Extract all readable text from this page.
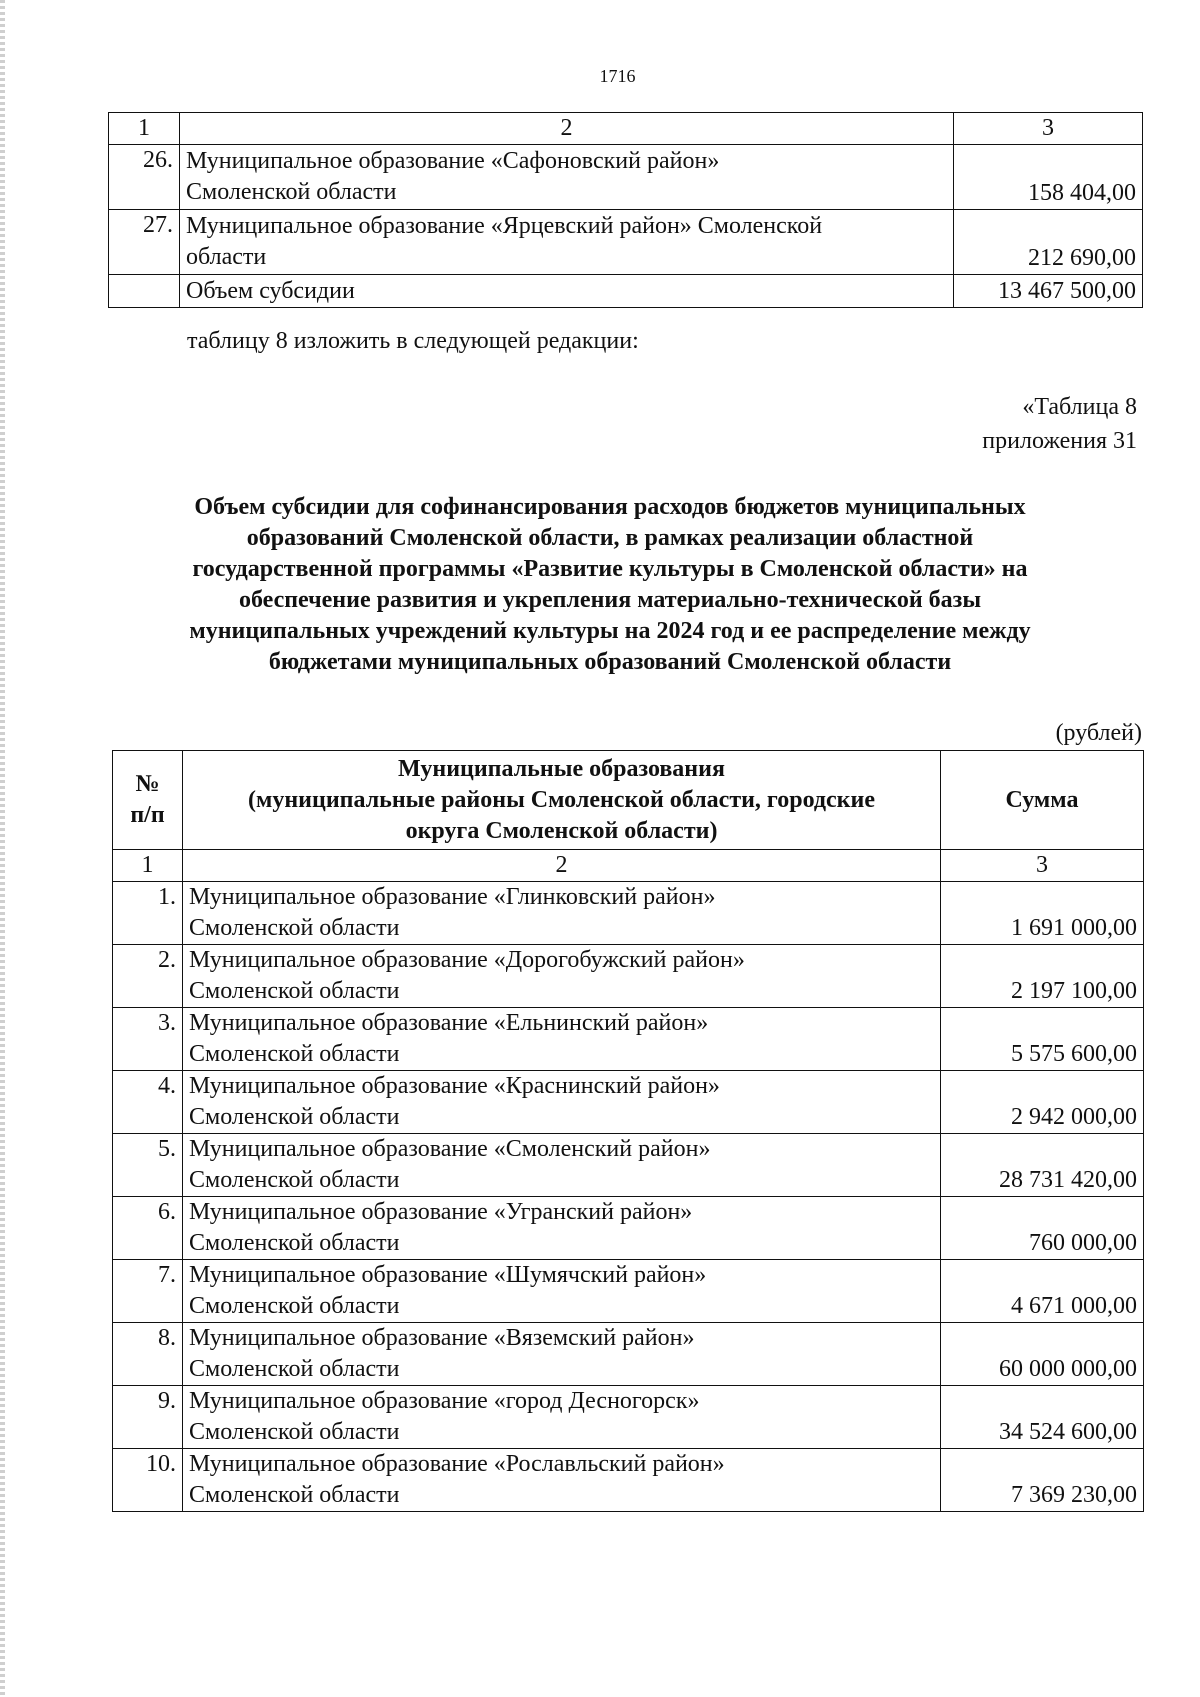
1716
1	2	3
26.	Муниципальное образование «Сафоновский район»
Смоленской области	158 404,00
27.	Муниципальное образование «Ярцевский район» Смоленской
области	212 690,00
	Объем субсидии	13 467 500,00
таблицу 8 изложить в следующей редакции:
«Таблица 8
приложения 31
Объем субсидии для софинансирования расходов бюджетов муниципальных
образований Смоленской области, в рамках реализации областной
государственной программы «Развитие культуры в Смоленской области» на
обеспечение развития и укрепления материально-технической базы
муниципальных учреждений культуры на 2024 год и ее распределение между
бюджетами муниципальных образований Смоленской области
(рублей)
№
п/п	Муниципальные образования
(муниципальные районы Смоленской области, городские
округа Смоленской области)	Сумма
1	2	3
1.	Муниципальное образование «Глинковский район»
Смоленской области	1 691 000,00
2.	Муниципальное образование «Дорогобужский район»
Смоленской области	2 197 100,00
3.	Муниципальное образование «Ельнинский район»
Смоленской области	5 575 600,00
4.	Муниципальное образование «Краснинский район»
Смоленской области	2 942 000,00
5.	Муниципальное образование «Смоленский район»
Смоленской области	28 731 420,00
6.	Муниципальное образование «Угранский район»
Смоленской области	760 000,00
7.	Муниципальное образование «Шумячский район»
Смоленской области	4 671 000,00
8.	Муниципальное образование «Вяземский район»
Смоленской области	60 000 000,00
9.	Муниципальное образование «город Десногорск»
Смоленской области	34 524 600,00
10.	Муниципальное образование «Рославльский район»
Смоленской области	7 369 230,00
